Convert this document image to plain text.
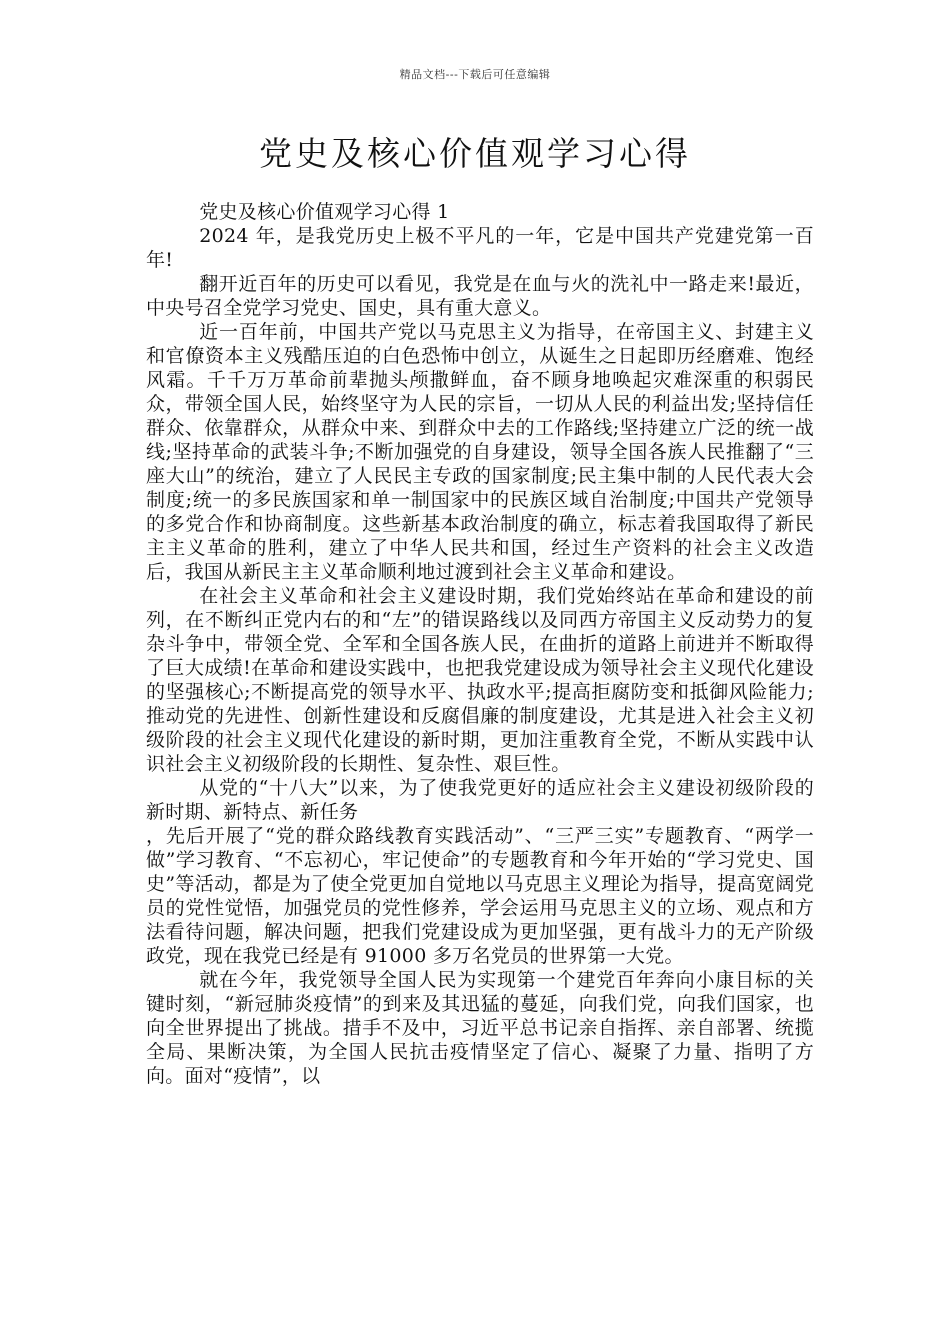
精品文档---下载后可任意编辑
党史及核心价值观学习心得

党史及核心价值观学习心得 1

2024 年，是我党历史上极不平凡的一年，它是中国共产党建党第一百年!

翻开近百年的历史可以看见，我党是在血与火的洗礼中一路走来!最近，中央号召全党学习党史、国史，具有重大意义。

近一百年前，中国共产党以马克思主义为指导，在帝国主义、封建主义和官僚资本主义残酷压迫的白色恐怖中创立，从诞生之日起即历经磨难、饱经风霜。千千万万革命前辈抛头颅撒鲜血，奋不顾身地唤起灾难深重的积弱民众，带领全国人民，始终坚守为人民的宗旨，一切从人民的利益出发;坚持信任群众、依靠群众，从群众中来、到群众中去的工作路线;坚持建立广泛的统一战线;坚持革命的武装斗争;不断加强党的自身建设，领导全国各族人民推翻了“三座大山”的统治，建立了人民民主专政的国家制度;民主集中制的人民代表大会制度;统一的多民族国家和单一制国家中的民族区域自治制度;中国共产党领导的多党合作和协商制度。这些新基本政治制度的确立，标志着我国取得了新民主主义革命的胜利，建立了中华人民共和国，经过生产资料的社会主义改造后，我国从新民主主义革命顺利地过渡到社会主义革命和建设。

在社会主义革命和社会主义建设时期，我们党始终站在革命和建设的前列，在不断纠正党内右的和“左”的错误路线以及同西方帝国主义反动势力的复杂斗争中，带领全党、全军和全国各族人民，在曲折的道路上前进并不断取得了巨大成绩!在革命和建设实践中，也把我党建设成为领导社会主义现代化建设的坚强核心;不断提高党的领导水平、执政水平;提高拒腐防变和抵御风险能力;推动党的先进性、创新性建设和反腐倡廉的制度建设，尤其是进入社会主义初级阶段的社会主义现代化建设的新时期，更加注重教育全党，不断从实践中认识社会主义初级阶段的长期性、复杂性、艰巨性。

从党的“十八大”以来，为了使我党更好的适应社会主义建设初级阶段的新时期、新特点、新任务

，先后开展了“党的群众路线教育实践活动”、“三严三实”专题教育、“两学一做”学习教育、“不忘初心，牢记使命”的专题教育和今年开始的“学习党史、国史”等活动，都是为了使全党更加自觉地以马克思主义理论为指导，提高宽阔党员的党性觉悟，加强党员的党性修养，学会运用马克思主义的立场、观点和方法看待问题，解决问题，把我们党建设成为更加坚强，更有战斗力的无产阶级政党，现在我党已经是有 91000 多万名党员的世界第一大党。

就在今年，我党领导全国人民为实现第一个建党百年奔向小康目标的关键时刻，“新冠肺炎疫情”的到来及其迅猛的蔓延，向我们党，向我们国家，也向全世界提出了挑战。措手不及中，习近平总书记亲自指挥、亲自部署、统揽全局、果断决策，为全国人民抗击疫情坚定了信心、凝聚了力量、指明了方向。面对“疫情”，以
